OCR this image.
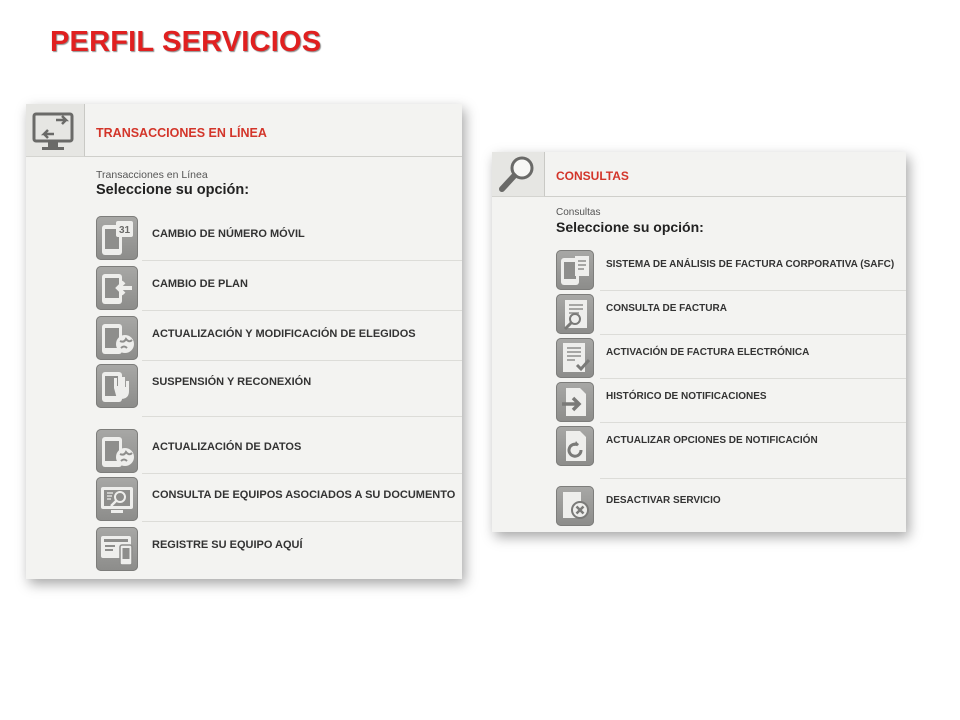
PERFIL SERVICIOS
TRANSACCIONES EN LÍNEA
Transacciones en Línea
Seleccione su opción:
31 CAMBIO DE NÚMERO MÓVIL
CAMBIO DE PLAN
ACTUALIZACIÓN Y MODIFICACIÓN DE ELEGIDOS
SUSPENSIÓN Y RECONEXIÓN
ACTUALIZACIÓN DE DATOS
CONSULTA DE EQUIPOS ASOCIADOS A SU DOCUMENTO
REGISTRE SU EQUIPO AQUÍ
CONSULTAS
Consultas
Seleccione su opción:
SISTEMA DE ANÁLISIS DE FACTURA CORPORATIVA (SAFC)
CONSULTA DE FACTURA
ACTIVACIÓN DE FACTURA ELECTRÓNICA
HISTÓRICO DE NOTIFICACIONES
ACTUALIZAR OPCIONES DE NOTIFICACIÓN
DESACTIVAR SERVICIO
